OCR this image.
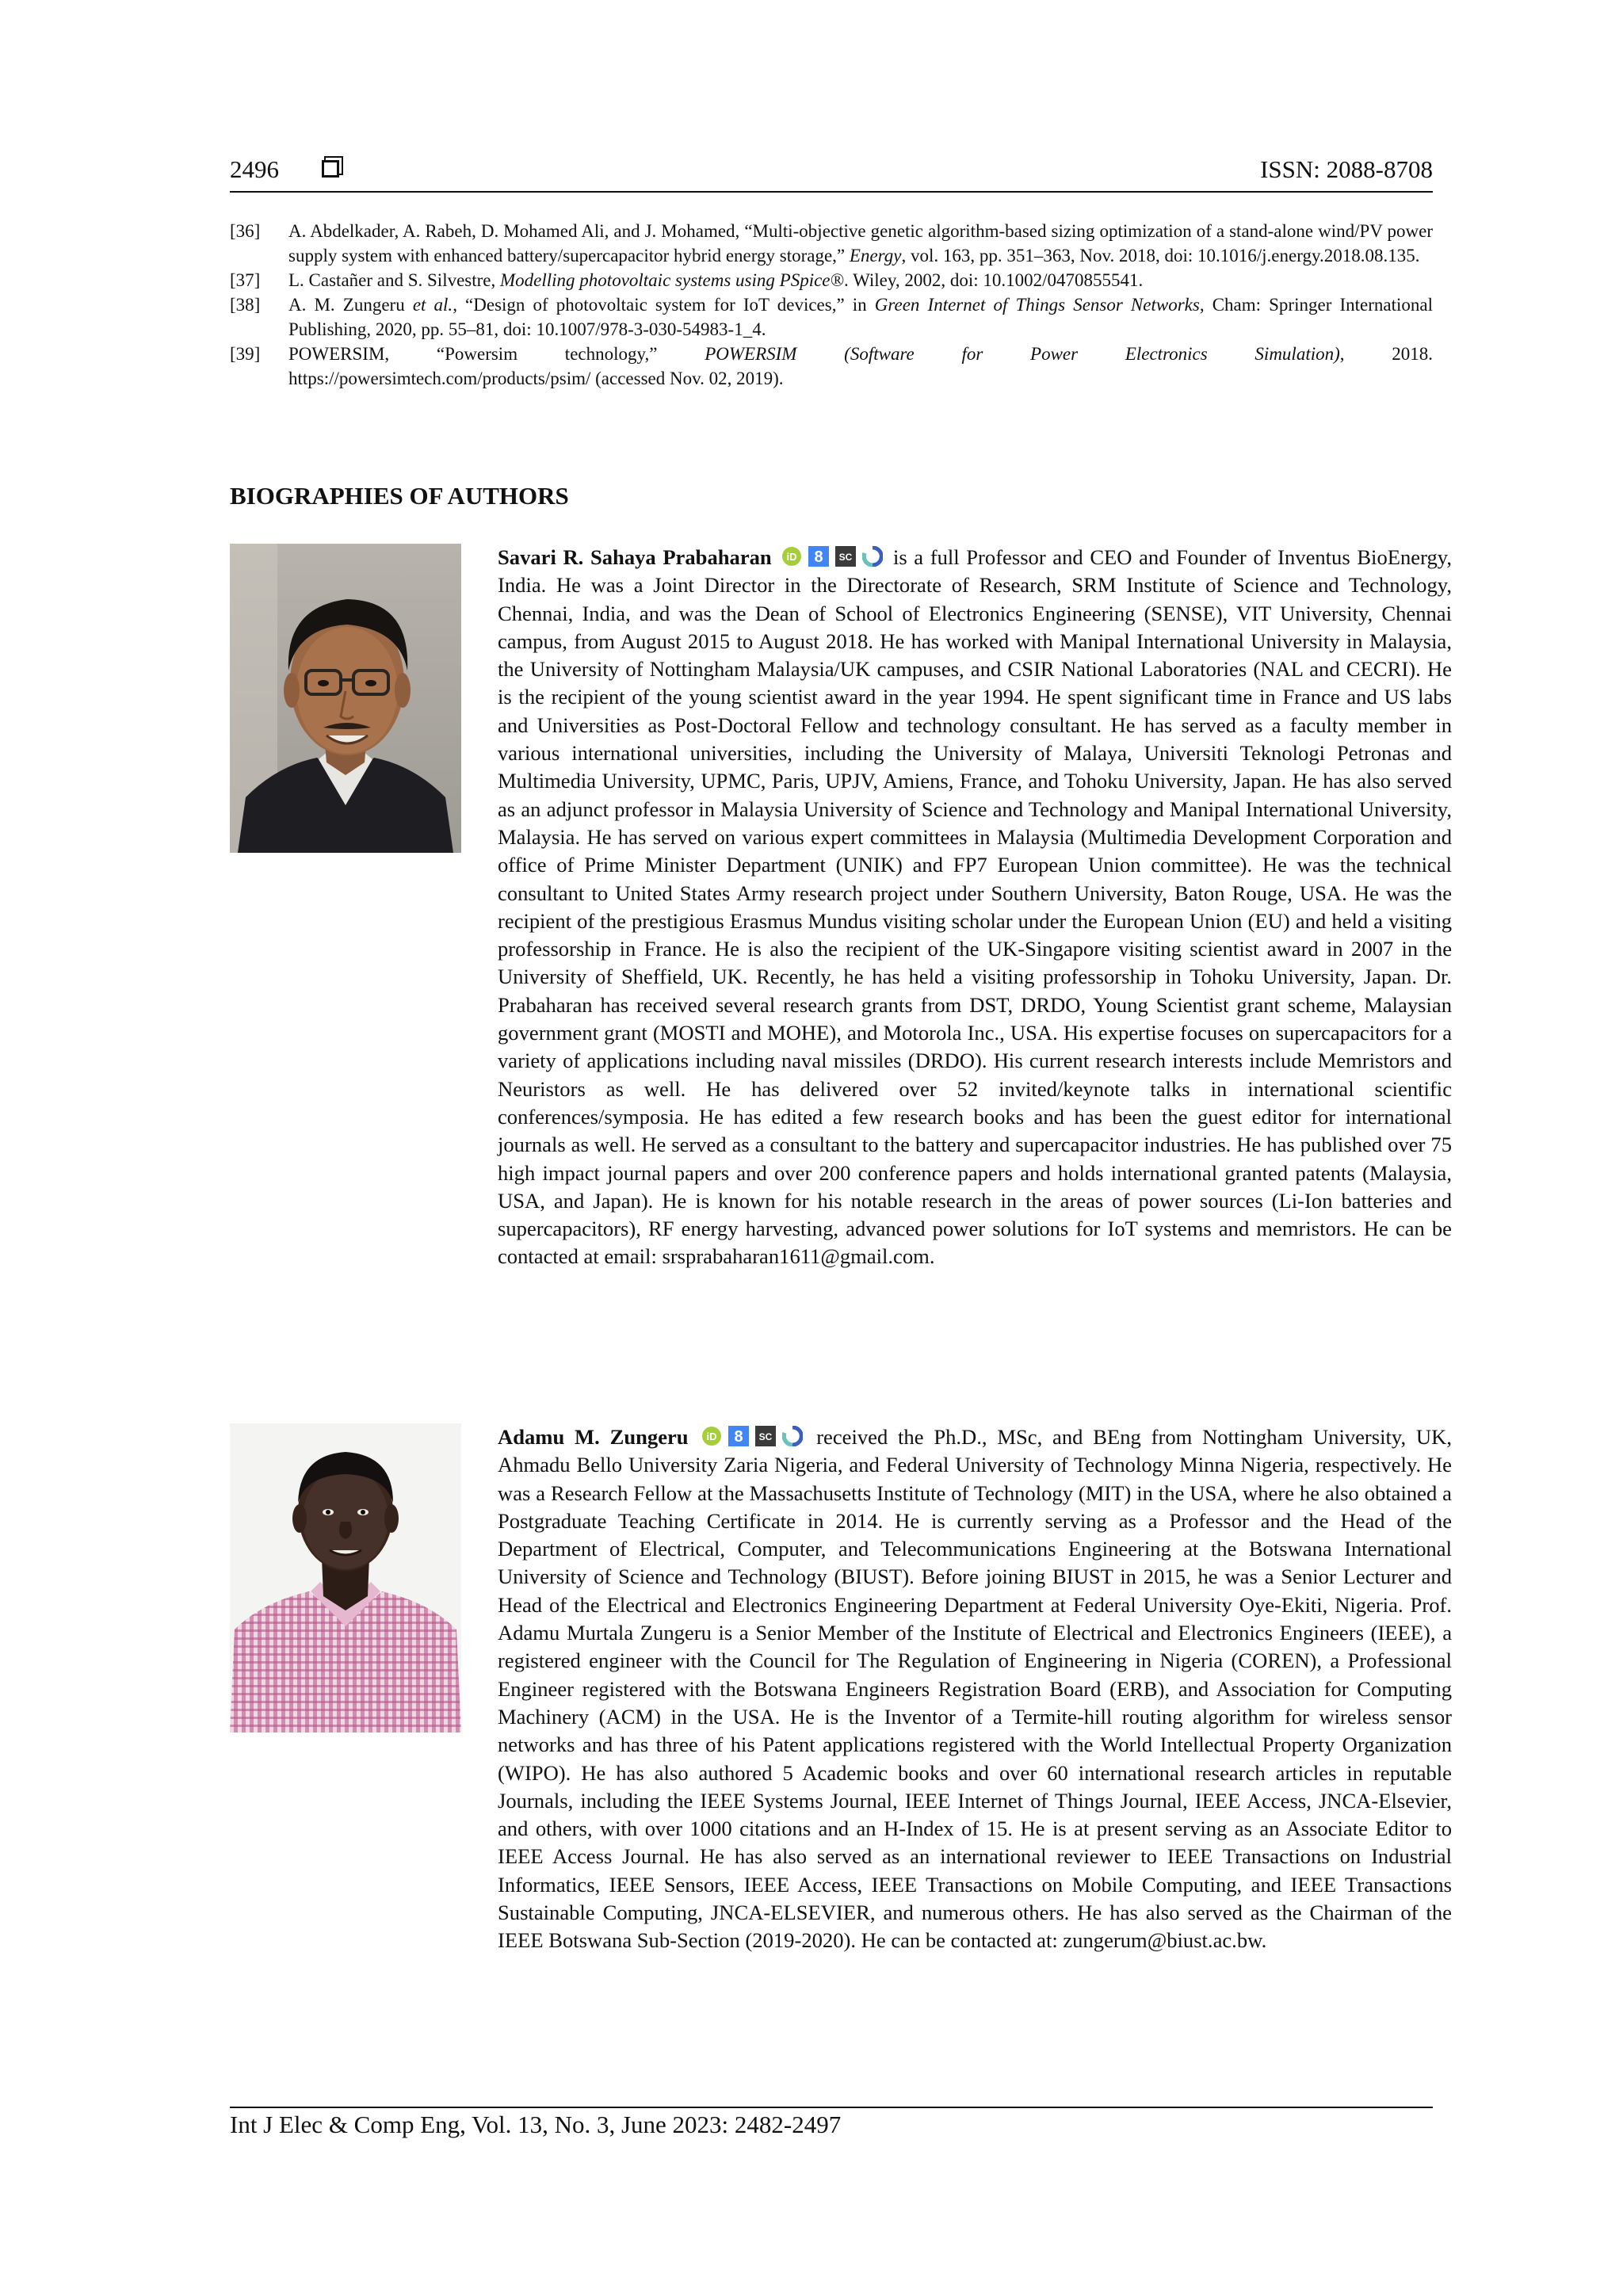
2496	ISSN: 2088-8708
[36]	A. Abdelkader, A. Rabeh, D. Mohamed Ali, and J. Mohamed, “Multi-objective genetic algorithm-based sizing optimization of a stand-alone wind/PV power supply system with enhanced battery/supercapacitor hybrid energy storage,” Energy, vol. 163, pp. 351–363, Nov. 2018, doi: 10.1016/j.energy.2018.08.135.
[37]	L. Castañer and S. Silvestre, Modelling photovoltaic systems using PSpice®. Wiley, 2002, doi: 10.1002/0470855541.
[38]	A. M. Zungeru et al., “Design of photovoltaic system for IoT devices,” in Green Internet of Things Sensor Networks, Cham: Springer International Publishing, 2020, pp. 55–81, doi: 10.1007/978-3-030-54983-1_4.
[39]	POWERSIM, “Powersim technology,” POWERSIM (Software for Power Electronics Simulation), 2018.
https://powersimtech.com/products/psim/ (accessed Nov. 02, 2019).
BIOGRAPHIES OF AUTHORS
Savari R. Sahaya Prabaharan iD 8 SC is a full Professor and CEO and Founder of Inventus BioEnergy, India. He was a Joint Director in the Directorate of Research, SRM Institute of Science and Technology, Chennai, India, and was the Dean of School of Electronics Engineering (SENSE), VIT University, Chennai campus, from August 2015 to August 2018. He has worked with Manipal International University in Malaysia, the University of Nottingham Malaysia/UK campuses, and CSIR National Laboratories (NAL and CECRI). He is the recipient of the young scientist award in the year 1994. He spent significant time in France and US labs and Universities as Post-Doctoral Fellow and technology consultant. He has served as a faculty member in various international universities, including the University of Malaya, Universiti Teknologi Petronas and Multimedia University, UPMC, Paris, UPJV, Amiens, France, and Tohoku University, Japan. He has also served as an adjunct professor in Malaysia University of Science and Technology and Manipal International University, Malaysia. He has served on various expert committees in Malaysia (Multimedia Development Corporation and office of Prime Minister Department (UNIK) and FP7 European Union committee). He was the technical consultant to United States Army research project under Southern University, Baton Rouge, USA. He was the recipient of the prestigious Erasmus Mundus visiting scholar under the European Union (EU) and held a visiting professorship in France. He is also the recipient of the UK-Singapore visiting scientist award in 2007 in the University of Sheffield, UK. Recently, he has held a visiting professorship in Tohoku University, Japan. Dr. Prabaharan has received several research grants from DST, DRDO, Young Scientist grant scheme, Malaysian government grant (MOSTI and MOHE), and Motorola Inc., USA. His expertise focuses on supercapacitors for a variety of applications including naval missiles (DRDO). His current research interests include Memristors and Neuristors as well. He has delivered over 52 invited/keynote talks in international scientific conferences/symposia. He has edited a few research books and has been the guest editor for international journals as well. He served as a consultant to the battery and supercapacitor industries. He has published over 75 high impact journal papers and over 200 conference papers and holds international granted patents (Malaysia, USA, and Japan). He is known for his notable research in the areas of power sources (Li-Ion batteries and supercapacitors), RF energy harvesting, advanced power solutions for IoT systems and memristors. He can be contacted at email: srsprabaharan1611@gmail.com.
Adamu M. Zungeru iD 8 SC received the Ph.D., MSc, and BEng from Nottingham University, UK, Ahmadu Bello University Zaria Nigeria, and Federal University of Technology Minna Nigeria, respectively. He was a Research Fellow at the Massachusetts Institute of Technology (MIT) in the USA, where he also obtained a Postgraduate Teaching Certificate in 2014. He is currently serving as a Professor and the Head of the Department of Electrical, Computer, and Telecommunications Engineering at the Botswana International University of Science and Technology (BIUST). Before joining BIUST in 2015, he was a Senior Lecturer and Head of the Electrical and Electronics Engineering Department at Federal University Oye-Ekiti, Nigeria. Prof. Adamu Murtala Zungeru is a Senior Member of the Institute of Electrical and Electronics Engineers (IEEE), a registered engineer with the Council for The Regulation of Engineering in Nigeria (COREN), a Professional Engineer registered with the Botswana Engineers Registration Board (ERB), and Association for Computing Machinery (ACM) in the USA. He is the Inventor of a Termite-hill routing algorithm for wireless sensor networks and has three of his Patent applications registered with the World Intellectual Property Organization (WIPO). He has also authored 5 Academic books and over 60 international research articles in reputable Journals, including the IEEE Systems Journal, IEEE Internet of Things Journal, IEEE Access, JNCA-Elsevier, and others, with over 1000 citations and an H-Index of 15. He is at present serving as an Associate Editor to IEEE Access Journal. He has also served as an international reviewer to IEEE Transactions on Industrial Informatics, IEEE Sensors, IEEE Access, IEEE Transactions on Mobile Computing, and IEEE Transactions Sustainable Computing, JNCA-ELSEVIER, and numerous others. He has also served as the Chairman of the IEEE Botswana Sub-Section (2019-2020). He can be contacted at: zungerum@biust.ac.bw.
Int J Elec & Comp Eng, Vol. 13, No. 3, June 2023: 2482-2497
